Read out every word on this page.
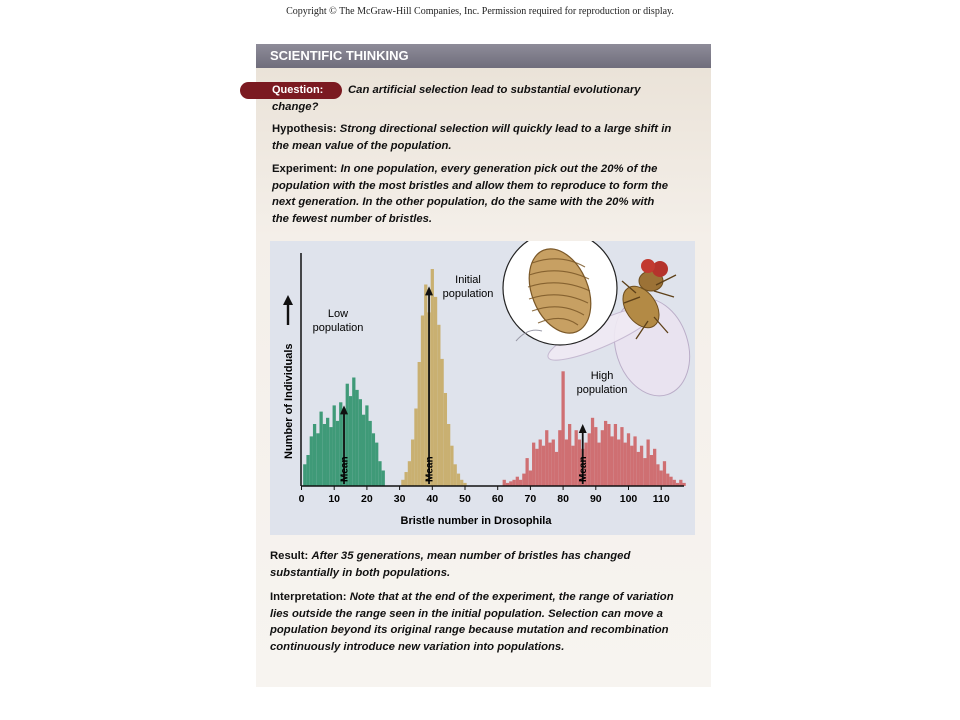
Copyright © The McGraw-Hill Companies, Inc. Permission required for reproduction or display.
SCIENTIFIC THINKING
Question:	Can artificial selection lead to substantial evolutionary
change?
Hypothesis: Strong directional selection will quickly lead to a large shift in the mean value of the population.
Experiment: In one population, every generation pick out the 20% of the population with the most bristles and allow them to reproduce to form the next generation. In the other population, do the same with the 20% with the fewest number of bristles.
0 10 20 30 40 50 60 70 80 90 100 110
Mean	Mean	Mean
Low
population
Initial
population
High
population
Bristle number in Drosophila
Number of Individuals
Result: After 35 generations, mean number of bristles has changed substantially in both populations.
Interpretation: Note that at the end of the experiment, the range of variation lies outside the range seen in the initial population. Selection can move a population beyond its original range because mutation and recombination continuously introduce new variation into populations.
